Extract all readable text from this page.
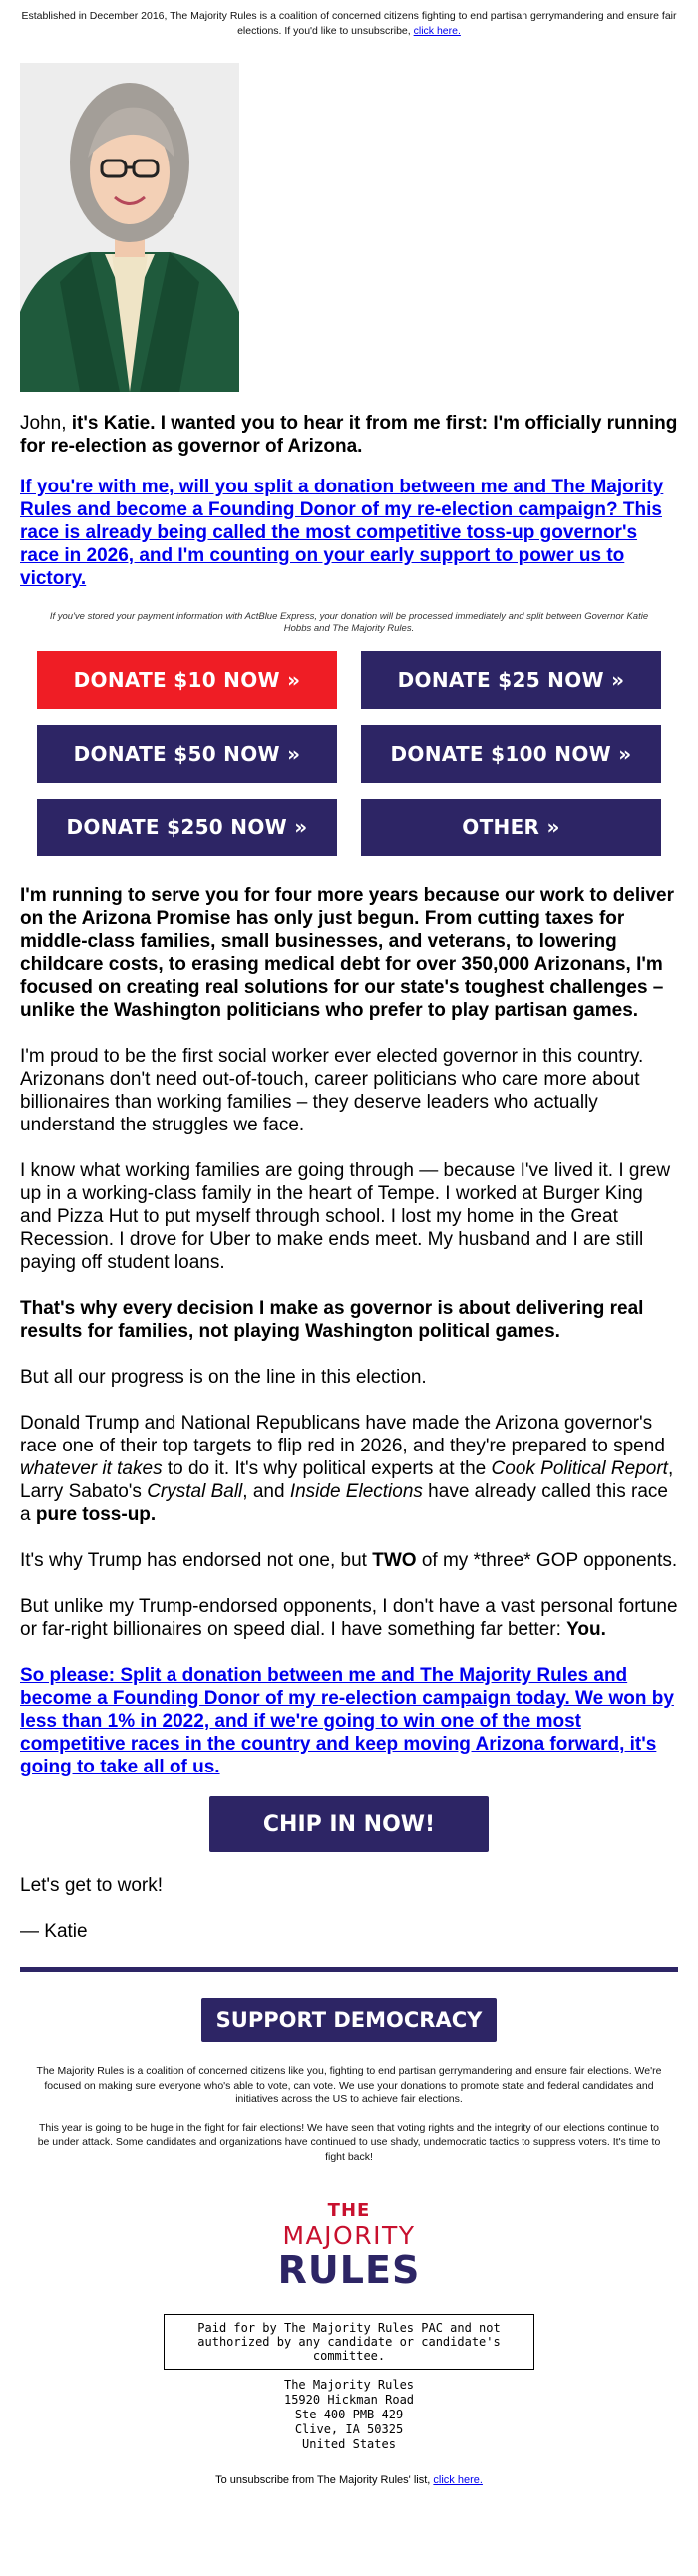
Established in December 2016, The Majority Rules is a coalition of concerned citizens fighting to end partisan gerrymandering and ensure fair elections. If you'd like to unsubscribe, click here.

John, it's Katie. I wanted you to hear it from me first: I'm officially running for re-election as governor of Arizona.

If you're with me, will you split a donation between me and The Majority Rules and become a Founding Donor of my re-election campaign? This race is already being called the most competitive toss-up governor's race in 2026, and I'm counting on your early support to power us to victory.

If you've stored your payment information with ActBlue Express, your donation will be processed immediately and split between Governor Katie Hobbs and The Majority Rules.

DONATE $10 NOW »	DONATE $25 NOW »
DONATE $50 NOW »	DONATE $100 NOW »
DONATE $250 NOW »	OTHER »

I'm running to serve you for four more years because our work to deliver on the Arizona Promise has only just begun. From cutting taxes for middle-class families, small businesses, and veterans, to lowering childcare costs, to erasing medical debt for over 350,000 Arizonans, I'm focused on creating real solutions for our state's toughest challenges – unlike the Washington politicians who prefer to play partisan games.

I'm proud to be the first social worker ever elected governor in this country. Arizonans don't need out-of-touch, career politicians who care more about billionaires than working families – they deserve leaders who actually understand the struggles we face.

I know what working families are going through — because I've lived it. I grew up in a working-class family in the heart of Tempe. I worked at Burger King and Pizza Hut to put myself through school. I lost my home in the Great Recession. I drove for Uber to make ends meet. My husband and I are still paying off student loans.

That's why every decision I make as governor is about delivering real results for families, not playing Washington political games.

But all our progress is on the line in this election.

Donald Trump and National Republicans have made the Arizona governor's race one of their top targets to flip red in 2026, and they're prepared to spend whatever it takes to do it. It's why political experts at the Cook Political Report, Larry Sabato's Crystal Ball, and Inside Elections have already called this race a pure toss-up.

It's why Trump has endorsed not one, but TWO of my *three* GOP opponents.

But unlike my Trump-endorsed opponents, I don't have a vast personal fortune or far-right billionaires on speed dial. I have something far better: You.

So please: Split a donation between me and The Majority Rules and become a Founding Donor of my re-election campaign today. We won by less than 1% in 2022, and if we're going to win one of the most competitive races in the country and keep moving Arizona forward, it's going to take all of us.

CHIP IN NOW!

Let's get to work!

— Katie

SUPPORT DEMOCRACY

The Majority Rules is a coalition of concerned citizens like you, fighting to end partisan gerrymandering and ensure fair elections. We're focused on making sure everyone who's able to vote, can vote. We use your donations to promote state and federal candidates and initiatives across the US to achieve fair elections.

This year is going to be huge in the fight for fair elections! We have seen that voting rights and the integrity of our elections continue to be under attack. Some candidates and organizations have continued to use shady, undemocratic tactics to suppress voters. It's time to fight back!

THE
MAJORITY
RULES
Paid for by The Majority Rules PAC and not authorized by any candidate or candidate's committee.
The Majority Rules
15920 Hickman Road
Ste 400 PMB 429
Clive, IA 50325
United States
To unsubscribe from The Majority Rules' list, click here.
